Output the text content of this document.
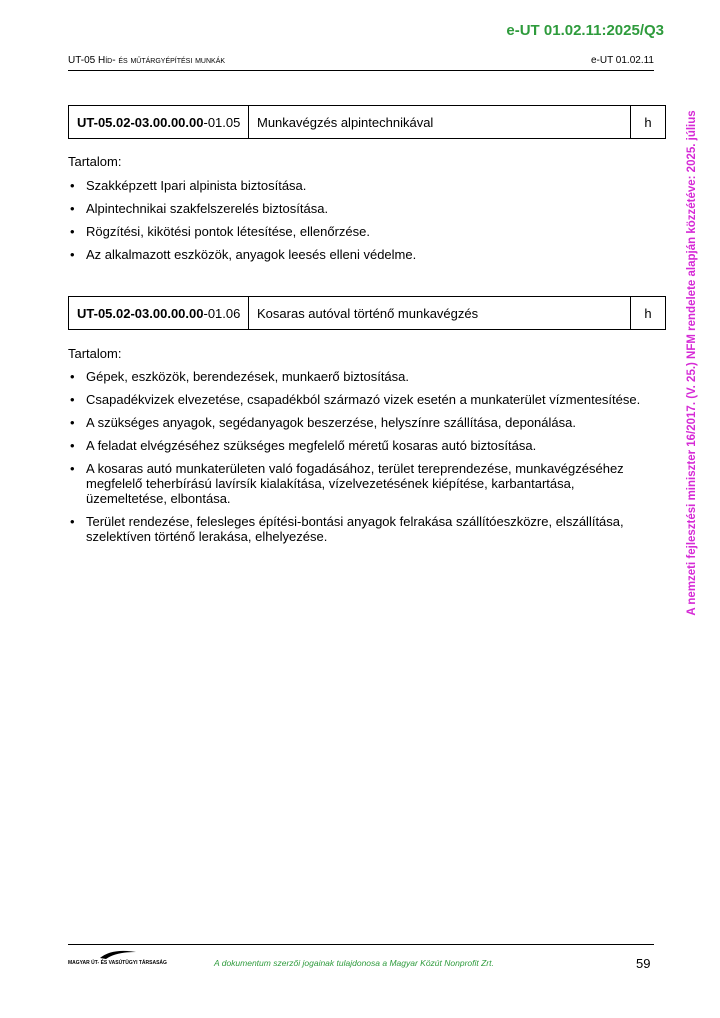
e-UT 01.02.11:2025/Q3
UT-05 Híd- és műtárgyépítési munkák	e-UT 01.02.11
UT-05.02-03.00.00.00 -01.05	Munkavégzés alpintechnikával	h
Tartalom:
• Szakképzett Ipari alpinista biztosítása.
• Alpintechnikai szakfelszerelés biztosítása.
• Rögzítési, kikötési pontok létesítése, ellenőrzése.
• Az alkalmazott eszközök, anyagok leesés elleni védelme.
UT-05.02-03.00.00.00 -01.06	Kosaras autóval történő munkavégzés	h
Tartalom:
• Gépek, eszközök, berendezések, munkaerő biztosítása.
• Csapadékvizek elvezetése, csapadékból származó vizek esetén a munkaterület vízmentesítése.
• A szükséges anyagok, segédanyagok beszerzése, helyszínre szállítása, deponálása.
• A feladat elvégzéséhez szükséges megfelelő méretű kosaras autó biztosítása.
• A kosaras autó munkaterületen való fogadásához, terület tereprendezése, munkavégzéséhez megfelelő teherbírású lavírsík kialakítása, vízelvezetésének kiépítése, karbantartása, üzemeltetése, elbontása.
• Terület rendezése, felesleges építési-bontási anyagok felrakása szállítóeszközre, elszállítása, szelektíven történő lerakása, elhelyezése.	A nemzeti fejlesztési miniszter 16/2017. (V. 25.) NFM rendelete alapján közzétéve: 2025. július
MAGYAR ÚT- ÉS VASÚTÜGYI TÁRSASÁG	A dokumentum szerzői jogainak tulajdonosa a Magyar Közút Nonprofit Zrt.	59
